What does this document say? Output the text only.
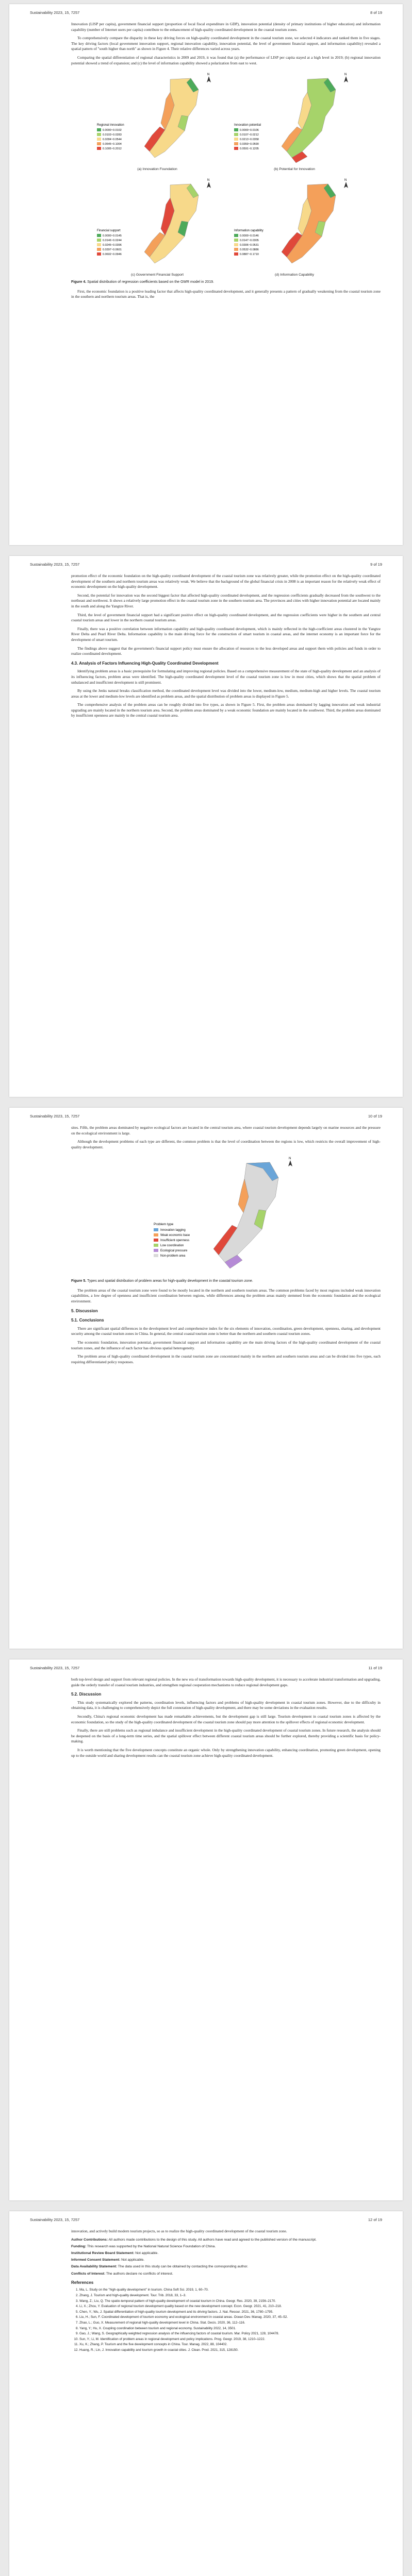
Sustainability 2023, 15, 7257	8 of 19

Innovation (LISP per capita), government financial support (proportion of local fiscal expenditure in GDP), innovation potential (density of primary institutions of higher education) and information capability (number of Internet users per capita) contribute to the enhancement of high-quality coordinated development in the coastal tourism zones.

To comprehensively compare the disparity in these key driving forces on high-quality coordinated development in the coastal tourism zone, we selected 4 indicators and ranked them in five stages. The key driving factors (local government innovation support, regional innovation capability, innovation potential, the level of government financial support, and information capability) revealed a spatial pattern of "south higher than north" as shown in Figure 4. Their relative differences varied across years.

Comparing the spatial differentiation of regional characteristics in 2009 and 2019, it was found that (a) the performance of LISP per capita stayed at a high level in 2019; (b) regional innovation potential showed a trend of expansion; and (c) the level of information capability showed a polarization from east to west.

Regional innovation
0.0000~0.0102
0.0103~0.0283
0.0284~0.0544
0.0545~0.1004
0.1005~0.2012
N
(a) Innovation Foundation
Innovation potential
0.0000~0.0106
0.0107~0.0212
0.0213~0.0358
0.0359~0.0590
0.0591~0.1205
N
(b) Potential for Innovation
Financial support
0.0000~0.0145
0.0146~0.0244
0.0245~0.0396
0.0397~0.0601
0.0602~0.0946
N
(c) Government Financial Support
Information capability
0.0000~0.0146
0.0147~0.0305
0.0306~0.0531
0.0532~0.0886
0.0887~0.1710
N
(d) Information Capability
Figure 4. Spatial distribution of regression coefficients based on the GWR model in 2019.

First, the economic foundation is a positive leading factor that affects high-quality coordinated development, and it generally presents a pattern of gradually weakening from the coastal tourism zone in the southern and northern tourism areas. That is, the

Sustainability 2023, 15, 7257	9 of 19

promotion effect of the economic foundation on the high-quality coordinated development of the coastal tourism zone was relatively greater, while the promotion effect on the high-quality coordinated development of the southern and northern tourism areas was relatively weak. We believe that the background of the global financial crisis in 2008 is an important reason for the relatively weak effect of economic development on the high-quality development.

Second, the potential for innovation was the second biggest factor that affected high-quality coordinated development, and the regression coefficients gradually decreased from the southwest to the northeast and northwest. It shows a relatively large promotion effect in the coastal tourism zone in the southern tourism area. The provinces and cities with higher innovation potential are located mainly in the south and along the Yangtze River.

Third, the level of government financial support had a significant positive effect on high-quality coordinated development, and the regression coefficients were higher in the southern and central coastal tourism areas and lower in the northern coastal tourism areas.

Finally, there was a positive correlation between information capability and high-quality coordinated development, which is mainly reflected in the high-coefficient areas clustered in the Yangtze River Delta and Pearl River Delta. Information capability is the main driving force for the construction of smart tourism in coastal areas, and the internet economy is an important force for the development of smart tourism.

The findings above suggest that the government's financial support policy must ensure the allocation of resources to the less developed areas and support them with policies and funds in order to realize coordinated development.

4.3. Analysis of Factors Influencing High-Quality Coordinated Development

Identifying problem areas is a basic prerequisite for formulating and improving regional policies. Based on a comprehensive measurement of the state of high-quality development and an analysis of its influencing factors, problem areas were identified. The high-quality coordinated development level of the coastal tourism zone is low in most cities, which shows that the spatial problem of unbalanced and insufficient development is still prominent.

By using the Jenks natural breaks classification method, the coordinated development level was divided into the lower, medium-low, medium, medium-high and higher levels. The coastal tourism areas at the lower and medium-low levels are identified as problem areas, and the spatial distribution of problem areas is displayed in Figure 5.

The comprehensive analysis of the problem areas can be roughly divided into five types, as shown in Figure 5. First, the problem areas dominated by lagging innovation and weak industrial upgrading are mainly located in the northern tourism area. Second, the problem areas dominated by a weak economic foundation are mainly located in the southwest. Third, the problem areas dominated by insufficient openness are mainly in the central coastal tourism area.

Sustainability 2023, 15, 7257	10 of 19

sites. Fifth, the problem areas dominated by negative ecological factors are located in the central tourism area, where coastal tourism development depends largely on marine resources and the pressure on the ecological environment is large.

Although the development problems of each type are different, the common problem is that the level of coordination between the regions is low, which restricts the overall improvement of high-quality development.

Problem type
Innovation lagging
Weak economic base
Insufficient openness
Low coordination
Ecological pressure
Non-problem area
N
Figure 5. Types and spatial distribution of problem areas for high-quality development in the coastal tourism zone.

The problem areas of the coastal tourism zone were found to be mostly located in the northern and southern tourism areas. The common problems faced by most regions included weak innovation capabilities, a low degree of openness and insufficient coordination between regions, while differences among the problem areas mainly stemmed from the economic foundation and the ecological environment.

5. Discussion
5.1. Conclusions

There are significant spatial differences in the development level and comprehensive index for the six elements of innovation, coordination, green development, openness, sharing, and development security among the coastal tourism zones in China. In general, the central coastal tourism zone is better than the northern and southern coastal tourism zones.

The economic foundation, innovation potential, government financial support and information capability are the main driving factors of the high-quality coordinated development of the coastal tourism zones, and the influence of each factor has obvious spatial heterogeneity.

The problem areas of high-quality coordinated development in the coastal tourism zone are concentrated mainly in the northern and southern tourism areas and can be divided into five types, each requiring differentiated policy responses.

Sustainability 2023, 15, 7257	11 of 19

both top-level design and support from relevant regional policies. In the new era of transformation towards high-quality development, it is necessary to accelerate industrial transformation and upgrading, guide the orderly transfer of coastal tourism industries, and strengthen regional cooperation mechanisms to reduce regional development gaps.

5.2. Discussion

This study systematically explored the patterns, coordination levels, influencing factors and problems of high-quality development in coastal tourism zones. However, due to the difficulty in obtaining data, it is challenging to comprehensively depict the full connotation of high-quality development, and there may be some deviations in the evaluation results.

Secondly, China's regional economic development has made remarkable achievements, but the development gap is still large. Tourism development in coastal tourism zones is affected by the economic foundation, so the study of the high-quality coordinated development of the coastal tourism zone should pay more attention to the spillover effects of regional economic development.

Finally, there are still problems such as regional imbalance and insufficient development in the high-quality coordinated development of coastal tourism zones. In future research, the analysis should be deepened on the basis of a long-term time series, and the spatial spillover effect between different coastal tourism areas should be further explored, thereby providing a scientific basis for policy-making.

It is worth mentioning that the five development concepts constitute an organic whole. Only by strengthening innovation capability, enhancing coordination, promoting green development, opening up to the outside world and sharing development results can the coastal tourism zone achieve high-quality coordinated development.

Sustainability 2023, 15, 7257	12 of 19

innovation, and actively build modern tourism projects, so as to realize the high-quality coordinated development of the coastal tourism zone.

Author Contributions: All authors made contributions to the design of this study. All authors have read and agreed to the published version of the manuscript.

Funding: This research was supported by the National Natural Science Foundation of China.

Institutional Review Board Statement: Not applicable.

Informed Consent Statement: Not applicable.

Data Availability Statement: The data used in this study can be obtained by contacting the corresponding author.

Conflicts of Interest: The authors declare no conflicts of interest.

References
1. Ma, L. Study on the "high-quality development" in tourism. China Soft Sci. 2019, 1, 60–70.
2. Zhang, J. Tourism and high-quality development. Tour. Trib. 2018, 33, 1–3.
3. Wang, Z.; Liu, Q. The spatio-temporal pattern of high-quality development of coastal tourism in China. Geogr. Res. 2020, 39, 2156–2170.
4. Li, X.; Zhou, Y. Evaluation of regional tourism development quality based on the new development concept. Econ. Geogr. 2021, 41, 210–218.
5. Chen, Y.; Wu, J. Spatial differentiation of high-quality tourism development and its driving factors. J. Nat. Resour. 2021, 36, 1780–1795.
6. Liu, H.; Sun, F. Coordinated development of tourism economy and ecological environment in coastal areas. Ocean Dev. Manag. 2020, 37, 45–52.
7. Zhao, L.; Guo, X. Measurement of regional high-quality development level in China. Stat. Decis. 2020, 36, 112–116.
8. Yang, Y.; Hu, X. Coupling coordination between tourism and regional economy. Sustainability 2022, 14, 3501.
9. Gao, J.; Wang, S. Geographically weighted regression analysis of the influencing factors of coastal tourism. Mar. Policy 2021, 128, 104478.
10. Sun, Y.; Li, M. Identification of problem areas in regional development and policy implications. Prog. Geogr. 2019, 38, 1210–1222.
11. Xu, K.; Zhang, P. Tourism and the five development concepts in China. Tour. Manag. 2022, 88, 104402.
12. Huang, R.; Lin, J. Innovation capability and tourism growth in coastal cities. J. Clean. Prod. 2021, 315, 128150.
